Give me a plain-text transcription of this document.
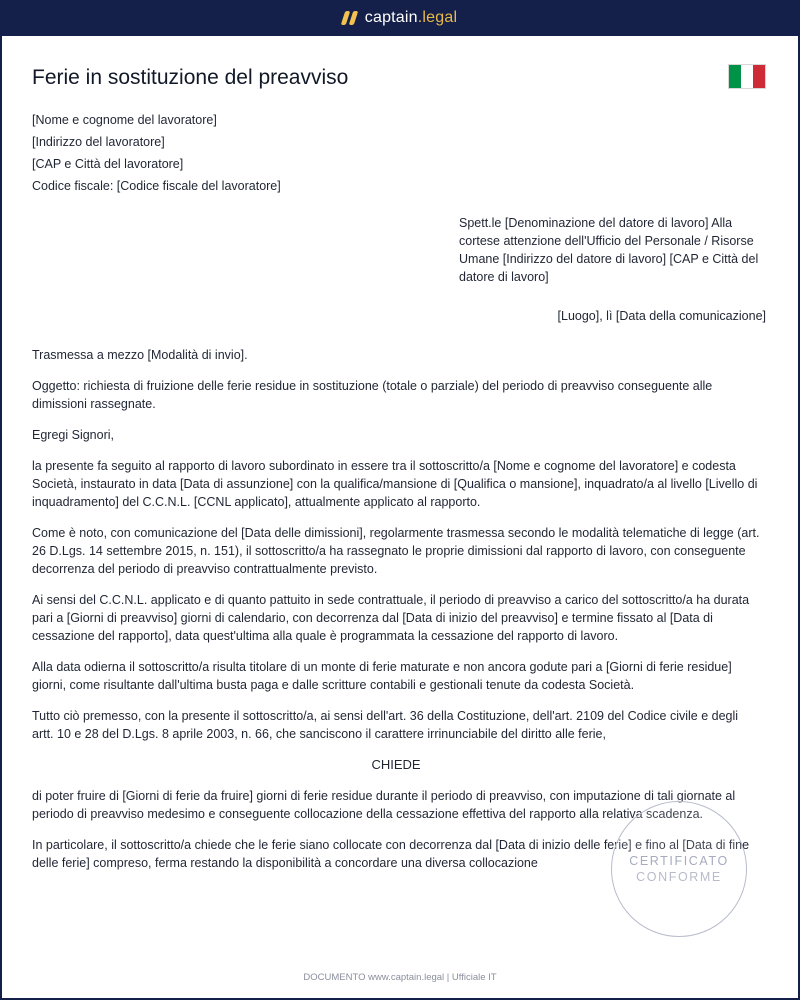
captain.legal
Ferie in sostituzione del preavviso

[Nome e cognome del lavoratore]

[Indirizzo del lavoratore]

[CAP e Città del lavoratore]

Codice fiscale: [Codice fiscale del lavoratore]

Spett.le [Denominazione del datore di lavoro] Alla cortese attenzione dell'Ufficio del Personale / Risorse Umane [Indirizzo del datore di lavoro] [CAP e Città del datore di lavoro]

[Luogo], lì [Data della comunicazione]

Trasmessa a mezzo [Modalità di invio].

Oggetto: richiesta di fruizione delle ferie residue in sostituzione (totale o parziale) del periodo di preavviso conseguente alle dimissioni rassegnate.

Egregi Signori,

la presente fa seguito al rapporto di lavoro subordinato in essere tra il sottoscritto/a [Nome e cognome del lavoratore] e codesta Società, instaurato in data [Data di assunzione] con la qualifica/mansione di [Qualifica o mansione], inquadrato/a al livello [Livello di inquadramento] del C.C.N.L. [CCNL applicato], attualmente applicato al rapporto.

Come è noto, con comunicazione del [Data delle dimissioni], regolarmente trasmessa secondo le modalità telematiche di legge (art. 26 D.Lgs. 14 settembre 2015, n. 151), il sottoscritto/a ha rassegnato le proprie dimissioni dal rapporto di lavoro, con conseguente decorrenza del periodo di preavviso contrattualmente previsto.

Ai sensi del C.C.N.L. applicato e di quanto pattuito in sede contrattuale, il periodo di preavviso a carico del sottoscritto/a ha durata pari a [Giorni di preavviso] giorni di calendario, con decorrenza dal [Data di inizio del preavviso] e termine fissato al [Data di cessazione del rapporto], data quest'ultima alla quale è programmata la cessazione del rapporto di lavoro.

Alla data odierna il sottoscritto/a risulta titolare di un monte di ferie maturate e non ancora godute pari a [Giorni di ferie residue] giorni, come risultante dall'ultima busta paga e dalle scritture contabili e gestionali tenute da codesta Società.

Tutto ciò premesso, con la presente il sottoscritto/a, ai sensi dell'art. 36 della Costituzione, dell'art. 2109 del Codice civile e degli artt. 10 e 28 del D.Lgs. 8 aprile 2003, n. 66, che sanciscono il carattere irrinunciabile del diritto alle ferie,

CHIEDE

di poter fruire di [Giorni di ferie da fruire] giorni di ferie residue durante il periodo di preavviso, con imputazione di tali giornate al periodo di preavviso medesimo e conseguente collocazione della cessazione effettiva del rapporto alla relativa scadenza.

In particolare, il sottoscritto/a chiede che le ferie siano collocate con decorrenza dal [Data di inizio delle ferie] e fino al [Data di fine delle ferie] compreso, ferma restando la disponibilità a concordare una diversa collocazione	CERTIFICATO
CONFORME
DOCUMENTO www.captain.legal | Ufficiale IT
